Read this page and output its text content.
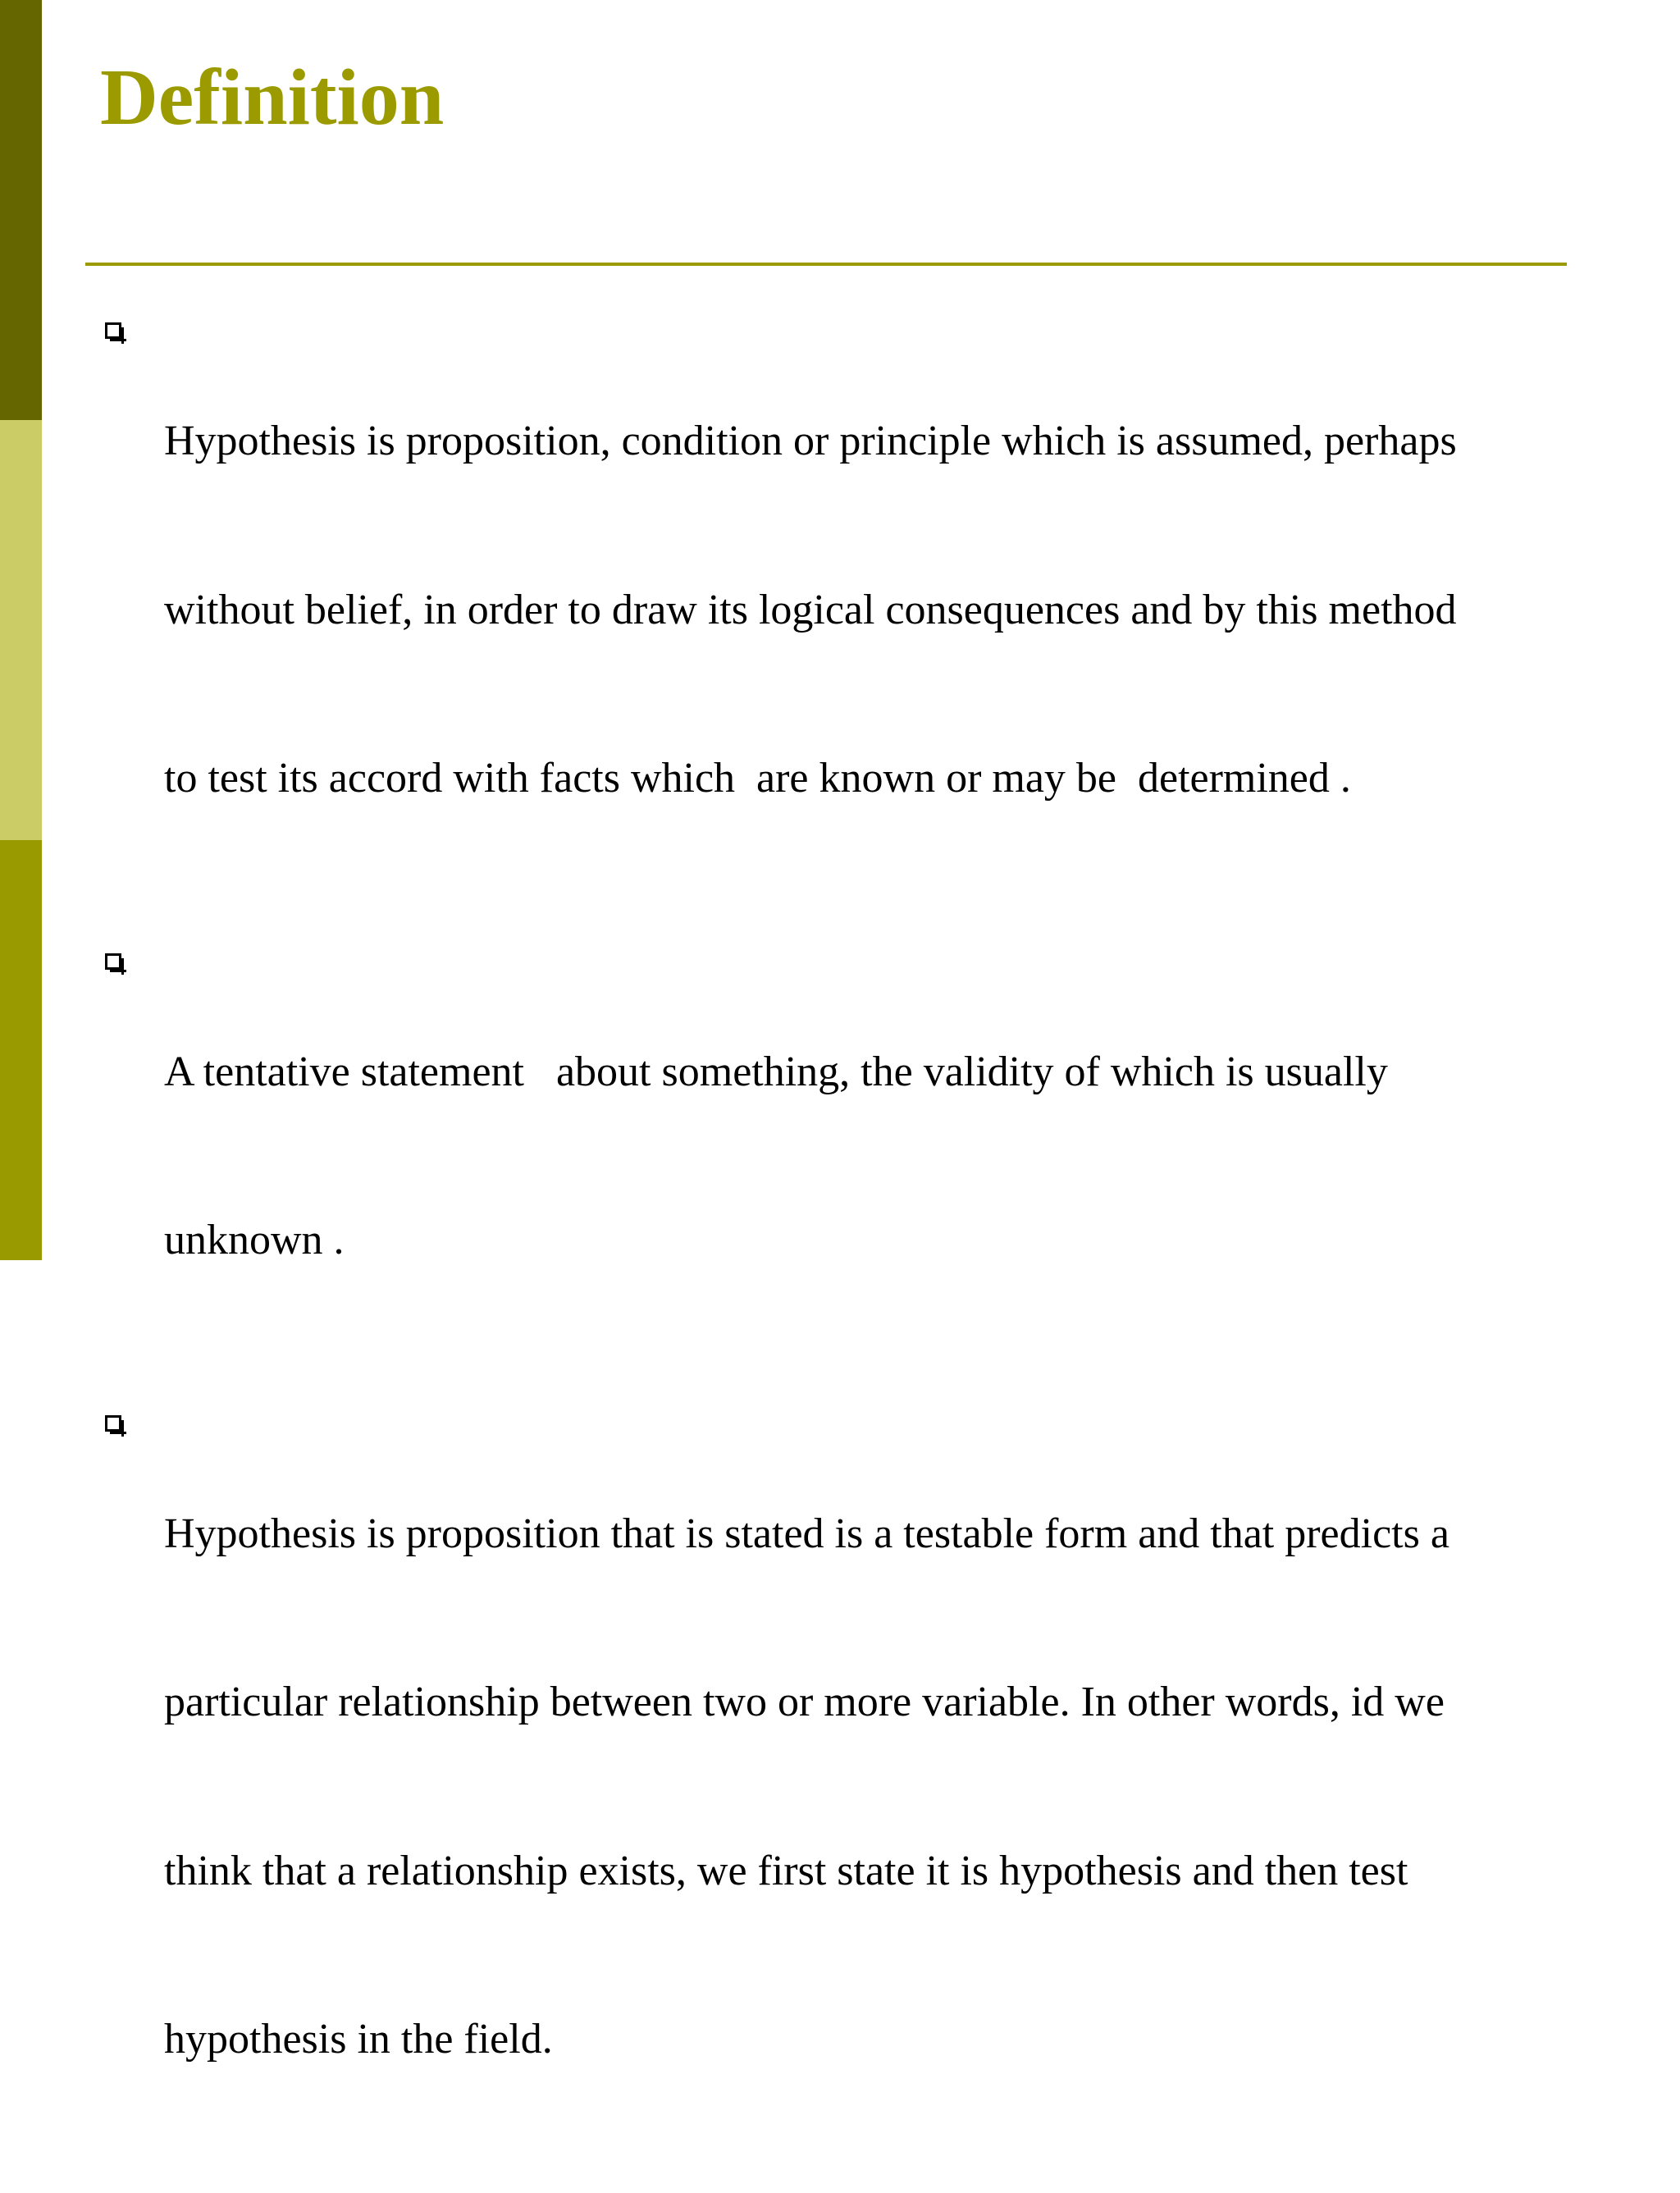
Definition

Hypothesis is proposition, condition or principle which is assumed, perhaps

without belief, in order to draw its logical consequences and by this method

to test its accord with facts which  are known or may be  determined .

A tentative statement   about something, the validity of which is usually

unknown .

Hypothesis is proposition that is stated is a testable form and that predicts a

particular relationship between two or more variable. In other words, id we

think that a relationship exists, we first state it is hypothesis and then test

hypothesis in the field.
